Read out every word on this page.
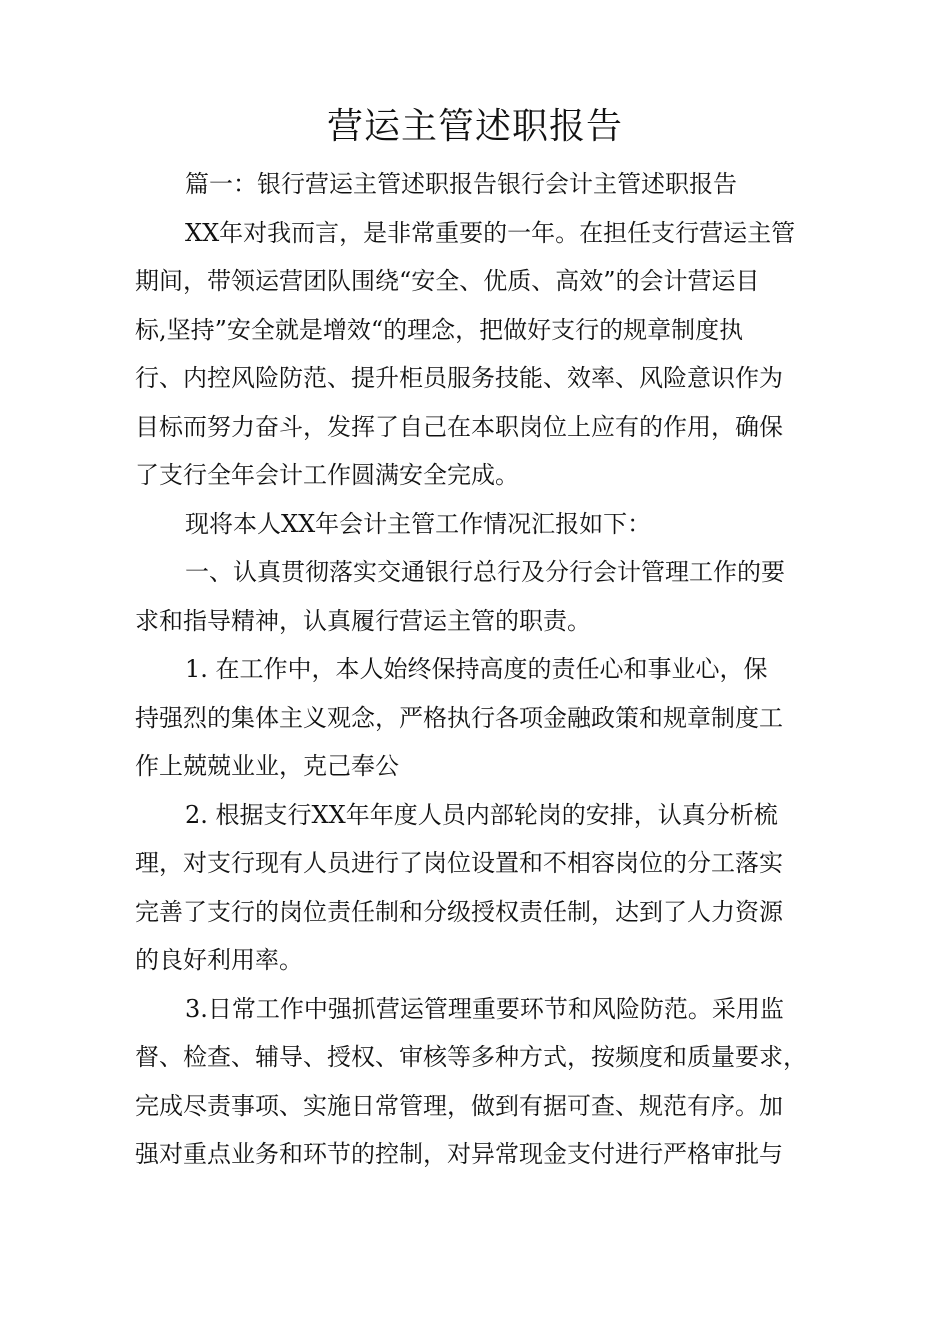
营运主管述职报告

篇一：银行营运主管述职报告银行会计主管述职报告

XX年对我而言，是非常重要的一年。在担任支行营运主管
期间，带领运营团队围绕“安全、优质、高效”的会计营运目
标,坚持”安全就是增效“的理念，把做好支行的规章制度执
行、内控风险防范、提升柜员服务技能、效率、风险意识作为
目标而努力奋斗，发挥了自己在本职岗位上应有的作用，确保
了支行全年会计工作圆满安全完成。

现将本人XX年会计主管工作情况汇报如下：

一、认真贯彻落实交通银行总行及分行会计管理工作的要
求和指导精神，认真履行营运主管的职责。

1. 在工作中，本人始终保持高度的责任心和事业心，保
持强烈的集体主义观念，严格执行各项金融政策和规章制度工
作上兢兢业业，克己奉公

2. 根据支行XX年年度人员内部轮岗的安排，认真分析梳
理，对支行现有人员进行了岗位设置和不相容岗位的分工落实
完善了支行的岗位责任制和分级授权责任制，达到了人力资源
的良好利用率。

3.日常工作中强抓营运管理重要环节和风险防范。采用监
督、检查、辅导、授权、审核等多种方式，按频度和质量要求，
完成尽责事项、实施日常管理，做到有据可查、规范有序。加
强对重点业务和环节的控制，对异常现金支付进行严格审批与
